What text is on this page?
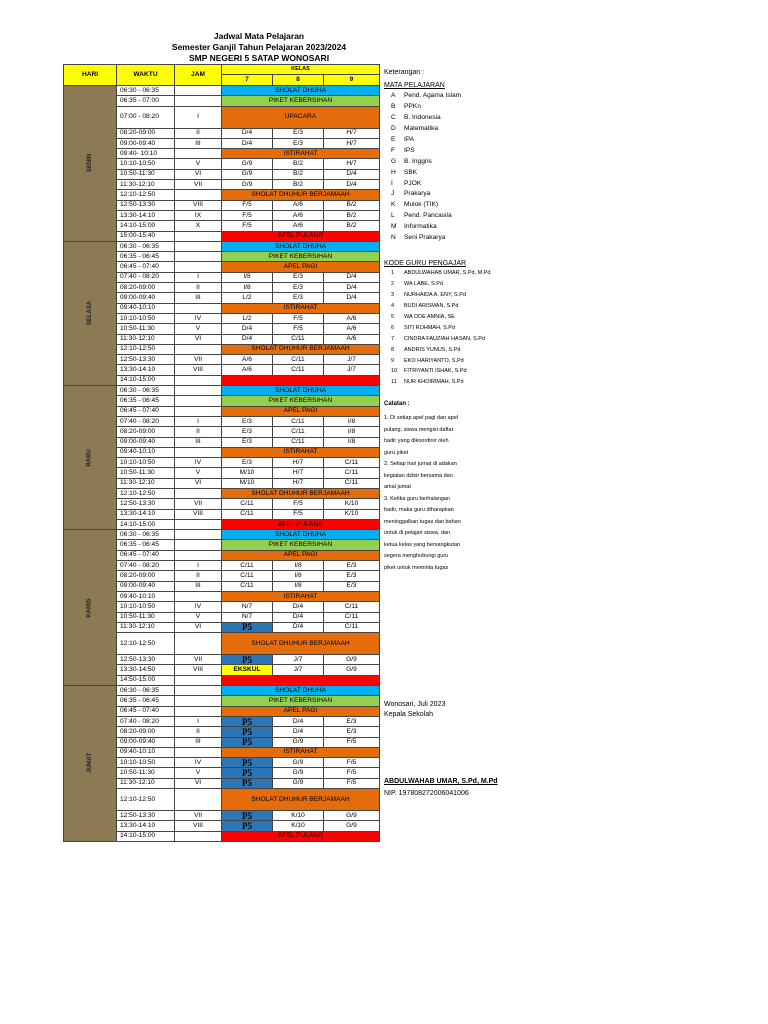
Jadwal Mata Pelajaran
Semester Ganjil Tahun Pelajaran 2023/2024
SMP NEGERI 5 SATAP WONOSARI
HARI	WAKTU	JAM	KELAS		
			7	8	9
SENIN	06:30 - 06:35		SHOLAT DHUHA		
	06:35 - 07:00		PIKET KEBERSIHAN		
	07:00 - 08:20	I	UPACARA		
	08:20-09:00	II	D/4	E/3	H/7
	09:00-09:40	III	D/4	E/3	H/7
	09:40- 10:10		ISTIRAHAT		
	10:10-10:50	V	G/9	B/2	H/7
	10:50-11:30	VI	G/9	B/2	D/4
	11:30-12:10	VII	G/9	B/2	D/4
	12:10-12:50		SHOLAT DHUHUR BERJAMAAH		
	12:50-13:30	VIII	F/5	A/6	B/2
	13:30-14:10	IX	F/5	A/6	B/2
	14:10-15:00	X	F/5	A/6	B/2
	15:00-15:40		APEL PULANG		
SELASA	06:30 - 06:35		SHOLAT DHUHA		
	06:35 - 06:45		PIKET KEBERSIHAN		
	06:45 - 07:40		APEL PAGI		
	07:40 - 08:20	I	I/8	E/3	D/4
	08:20-09:00	II	I/8	E/3	D/4
	09:00-09:40	III	L/2	E/3	D/4
	09:40-10:10		ISTIRAHAT		
	10:10-10:50	IV	L/2	F/5	A/6
	10:50-11:30	V	D/4	F/5	A/6
	11:30-12:10	VI	D/4	C/11	A/6
	12:10-12:50		SHOLAT DHUHUR BERJAMAAH		
	12:50-13:30	VII	A/6	C/11	J/7
	13:30-14:10	VIII	A/6	C/11	J/7
	14:10-15:00				
RABU	06:30 - 06:35		SHOLAT DHUHA		
	06:35 - 06:45		PIKET KEBERSIHAN		
	06:45 - 07:40		APEL PAGI		
	07:40 - 08:20	I	E/3	C/11	I/8
	08:20-09:00	II	E/3	C/11	I/8
	09:00-09:40	III	E/3	C/11	I/8
	09:40-10:10		ISTIRAHAT		
	10:10-10:50	IV	E/3	H/7	C/11
	10:50-11:30	V	M/10	H/7	C/11
	11:30-12:10	VI	M/10	H/7	C/11
	12:10-12:50		SHOLAT DHUHUR BERJAMAAH		
	12:50-13:30	VII	C/11	F/5	K/10
	13:30-14:10	VIII	C/11	F/5	K/10
	14:10-15:00		APEL PULANG		
KAMIS	06:30 - 06:35		SHOLAT DHUHA		
	06:35 - 06:45		PIKET KEBERSIHAN		
	06:45 - 07:40		APEL PAGI		
	07:40 - 08:20	I	C/11	I/8	E/3
	08:20-09:00	II	C/11	I/8	E/3
	09:00-09:40	III	C/11	I/8	E/3
	09:40-10:10		ISTIRAHAT		
	10:10-10:50	IV	N/7	D/4	C/11
	10:50-11:30	V	N/7	D/4	C/11
	11:30-12:10	VI	P5	D/4	C/11
	12:10-12:50		SHOLAT DHUHUR BERJAMAAH		
	12:50-13:30	VII	P5	J/7	G/9
	13:30-14:50	VIII	EKSKUL	J/7	G/9
	14:50-15:00				
JUMAT	06:30 - 06:35		SHOLAT DHUHA		
	06:35 - 06:45		PIKET KEBERSIHAN		
	06:45 - 07:40		APEL PAGI		
	07:40 - 08:20	I	P5	D/4	E/3
	08:20-09:00	II	P5	D/4	E/3
	09:00-09:40	III	P5	G/9	F/5
	09:40-10:10		ISTIRAHAT		
	10:10-10:50	IV	P5	G/9	F/5
	10:50-11:30	V	P5	G/9	F/5
	11:30-12:10	VI	P5	G/9	F/5
	12:10-12:50		SHOLAT DHUHUR BERJAMAAH		
	12:50-13:30	VII	P5	K/10	G/9
	13:30-14:10	VIII	P5	K/10	G/9
	14:10-15:00		APEL PULANG		
Keterangan :
MATA PELAJARAN
A Pend. Agama Islam
B PPKn
C B. Indonesia
D Matematika
E IPA
F IPS
G B. Inggris
H SBK
I PJOK
J Prakarya
K Mulok (TIK)
L Pend. Pancasila
M Informatika
N Seni Prakarya
KODE GURU PENGAJAR
1 ABDULWAHAB UMAR, S.Pd, M.Pd
2 WA LABE, S.Pd
3 NURHAIDA A. ENY, S.Pd
4 BUDI ARISMAN, S.Pd
5 WA ODE AMNIA, SE
6 SITI ROHMAH, S.Pd
7 CINDRA FAUZIAH HASAN, S.Pd
8 ANDRIS YUNUS, S.Pd
9 EKO HARIYANTO, S.Pd
10 FITRIYANTI ISHAK, S.Pd
11 NUR KHOIRIMAH, S.Pd
Catatan :
1. Di setiap apel pagi dan apel
pulang, siswa mengisi daftar
hadir yang dikoordinir oleh
guru piket
2. Setiap hari jumat di adakan
kegiatan dzikir bersama dan
amal jumat
3. Ketika guru berhalangan
hadir, maka guru diharapkan
meninggalkan tugas dan bahan
untuk di pelajari siswa, dan
ketua kelas yang bersangkutan
segera menghubungi guru
piket untuk meminta tugas
Wonosari, Juli 2023
Kepala Sekolah
ABDULWAHAB UMAR, S.Pd, M.Pd
NIP. 197808272006041006
